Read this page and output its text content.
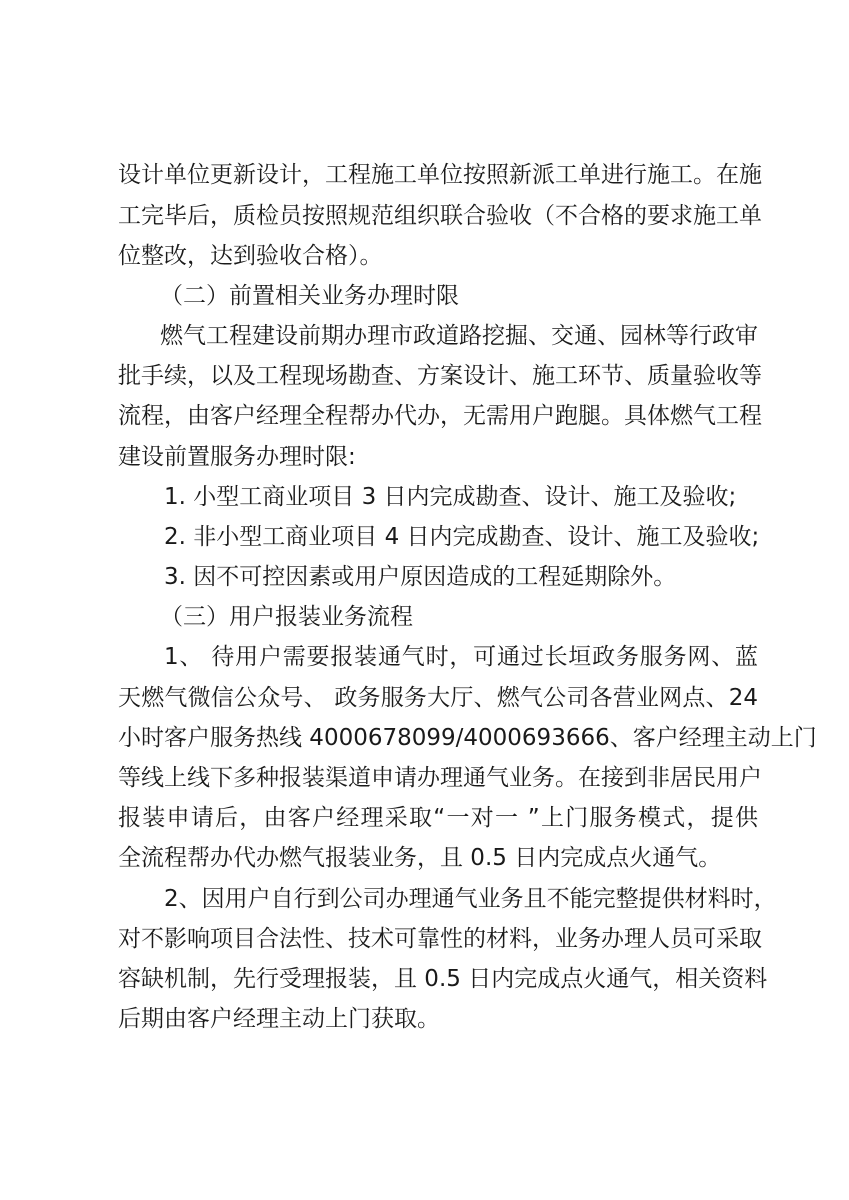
设计单位更新设计，工程施工单位按照新派工单进行施工。在施
工完毕后，质检员按照规范组织联合验收（不合格的要求施工单
位整改，达到验收合格）。
（二）前置相关业务办理时限
燃气工程建设前期办理市政道路挖掘、交通、园林等行政审
批手续，以及工程现场勘查、方案设计、施工环节、质量验收等
流程，由客户经理全程帮办代办，无需用户跑腿。具体燃气工程
建设前置服务办理时限:
1. 小型工商业项目 3 日内完成勘查、设计、施工及验收;
2. 非小型工商业项目 4 日内完成勘查、设计、施工及验收;
3. 因不可控因素或用户原因造成的工程延期除外。
（三）用户报装业务流程
1、 待用户需要报装通气时，可通过长垣政务服务网、蓝
天燃气微信公众号、 政务服务大厅、燃气公司各营业网点、24
小时客户服务热线 4000678099/4000693666、客户经理主动上门
等线上线下多种报装渠道申请办理通气业务。在接到非居民用户
报装申请后，由客户经理采取“一对一 ”上门服务模式，提供
全流程帮办代办燃气报装业务，且 0.5 日内完成点火通气。
2、因用户自行到公司办理通气业务且不能完整提供材料时，
对不影响项目合法性、技术可靠性的材料，业务办理人员可采取
容缺机制，先行受理报装，且 0.5 日内完成点火通气，相关资料
后期由客户经理主动上门获取。
